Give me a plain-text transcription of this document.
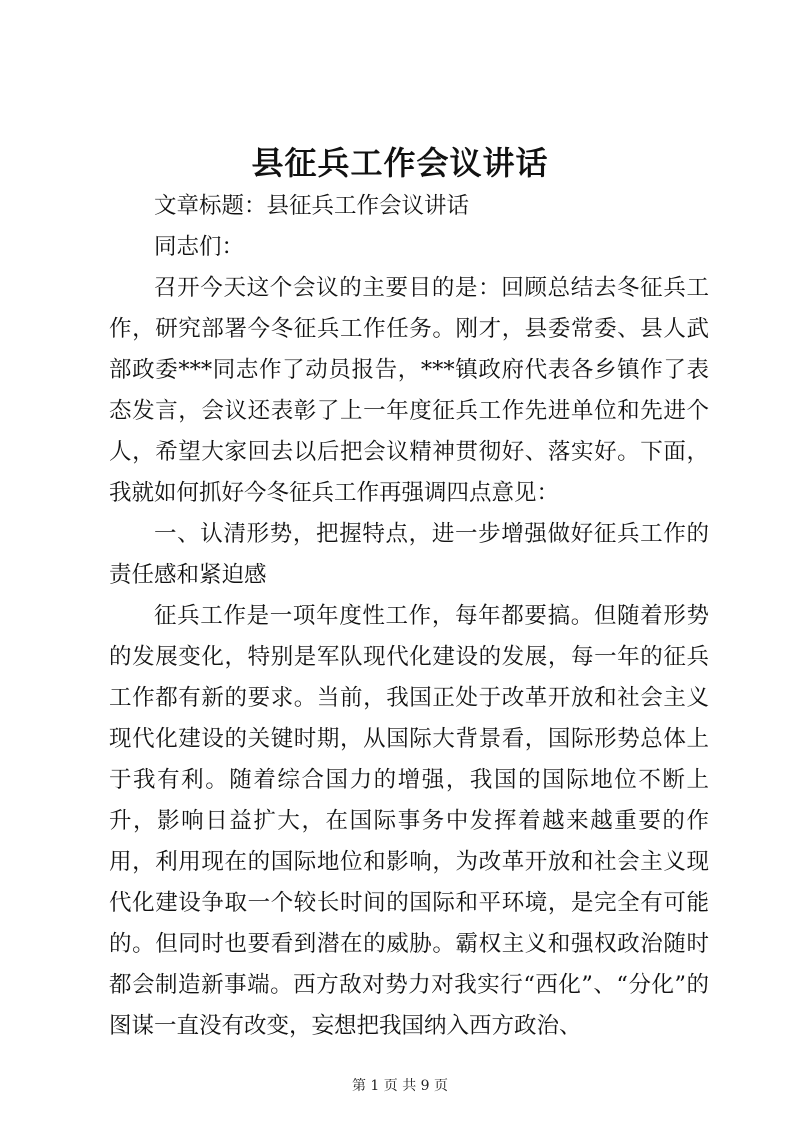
县征兵工作会议讲话

文章标题：县征兵工作会议讲话

同志们：

召开今天这个会议的主要目的是：回顾总结去冬征兵工作，研究部署今冬征兵工作任务。刚才，县委常委、县人武部政委***同志作了动员报告，***镇政府代表各乡镇作了表态发言，会议还表彰了上一年度征兵工作先进单位和先进个人，希望大家回去以后把会议精神贯彻好、落实好。下面，我就如何抓好今冬征兵工作再强调四点意见：

一、认清形势，把握特点，进一步增强做好征兵工作的责任感和紧迫感

征兵工作是一项年度性工作，每年都要搞。但随着形势的发展变化，特别是军队现代化建设的发展，每一年的征兵工作都有新的要求。当前，我国正处于改革开放和社会主义现代化建设的关键时期，从国际大背景看，国际形势总体上于我有利。随着综合国力的增强，我国的国际地位不断上升，影响日益扩大，在国际事务中发挥着越来越重要的作用，利用现在的国际地位和影响，为改革开放和社会主义现代化建设争取一个较长时间的国际和平环境，是完全有可能的。但同时也要看到潜在的威胁。霸权主义和强权政治随时都会制造新事端。西方敌对势力对我实行“西化”、“分化”的图谋一直没有改变，妄想把我国纳入西方政治、

第 1 页 共 9 页
